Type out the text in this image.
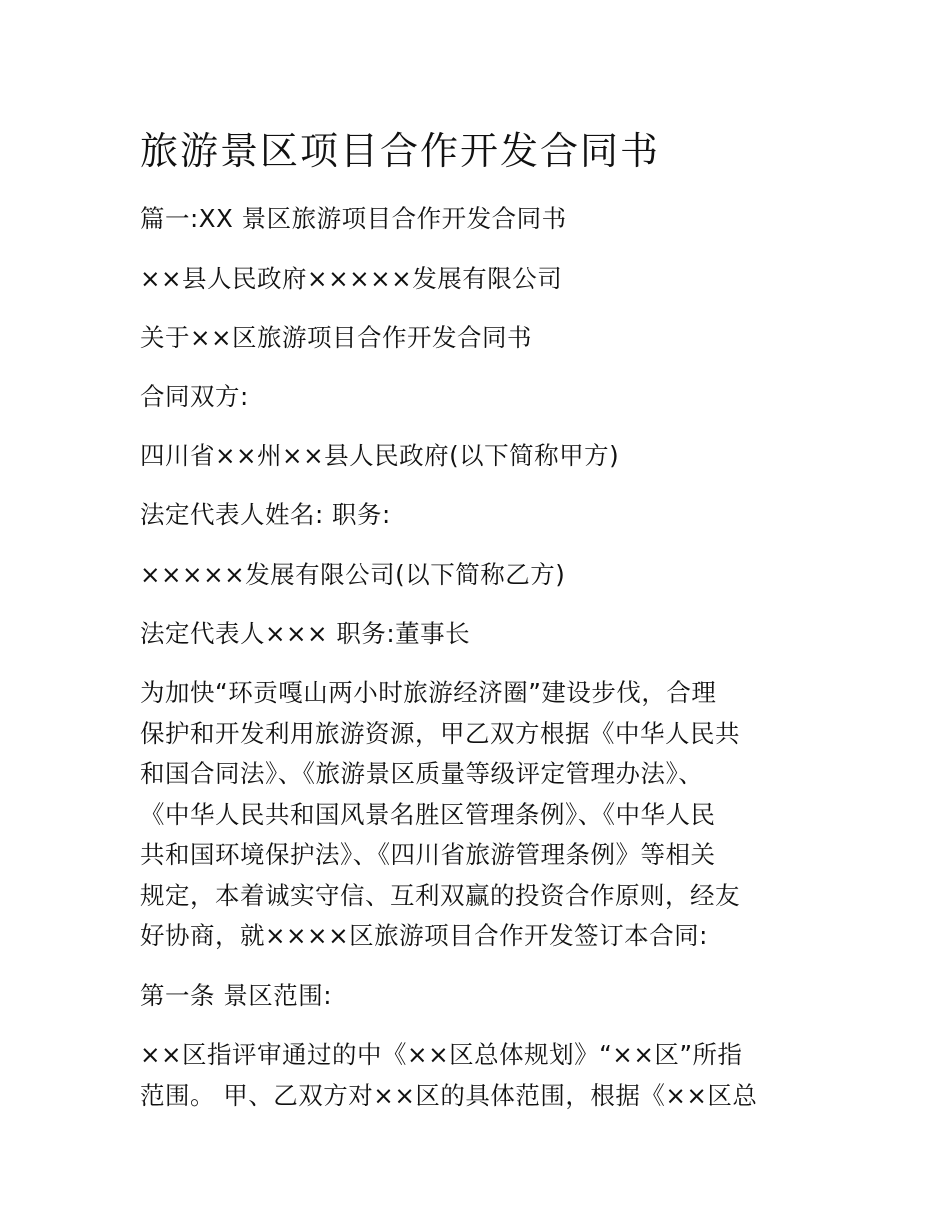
旅游景区项目合作开发合同书

篇一:XX 景区旅游项目合作开发合同书

××县人民政府×××××发展有限公司

关于××区旅游项目合作开发合同书

合同双方:

四川省××州××县人民政府(以下简称甲方)

法定代表人姓名: 职务:

×××××发展有限公司(以下简称乙方)

法定代表人××× 职务:董事长

为加快“环贡嘎山两小时旅游经济圈”建设步伐，合理
保护和开发利用旅游资源，甲乙双方根据《中华人民共
和国合同法》、《旅游景区质量等级评定管理办法》、
《中华人民共和国风景名胜区管理条例》、《中华人民
共和国环境保护法》、《四川省旅游管理条例》等相关
规定，本着诚实守信、互利双赢的投资合作原则，经友
好协商，就××××区旅游项目合作开发签订本合同:

第一条 景区范围:

××区指评审通过的中《××区总体规划》“××区”所指
范围。 甲、乙双方对××区的具体范围，根据《××区总
